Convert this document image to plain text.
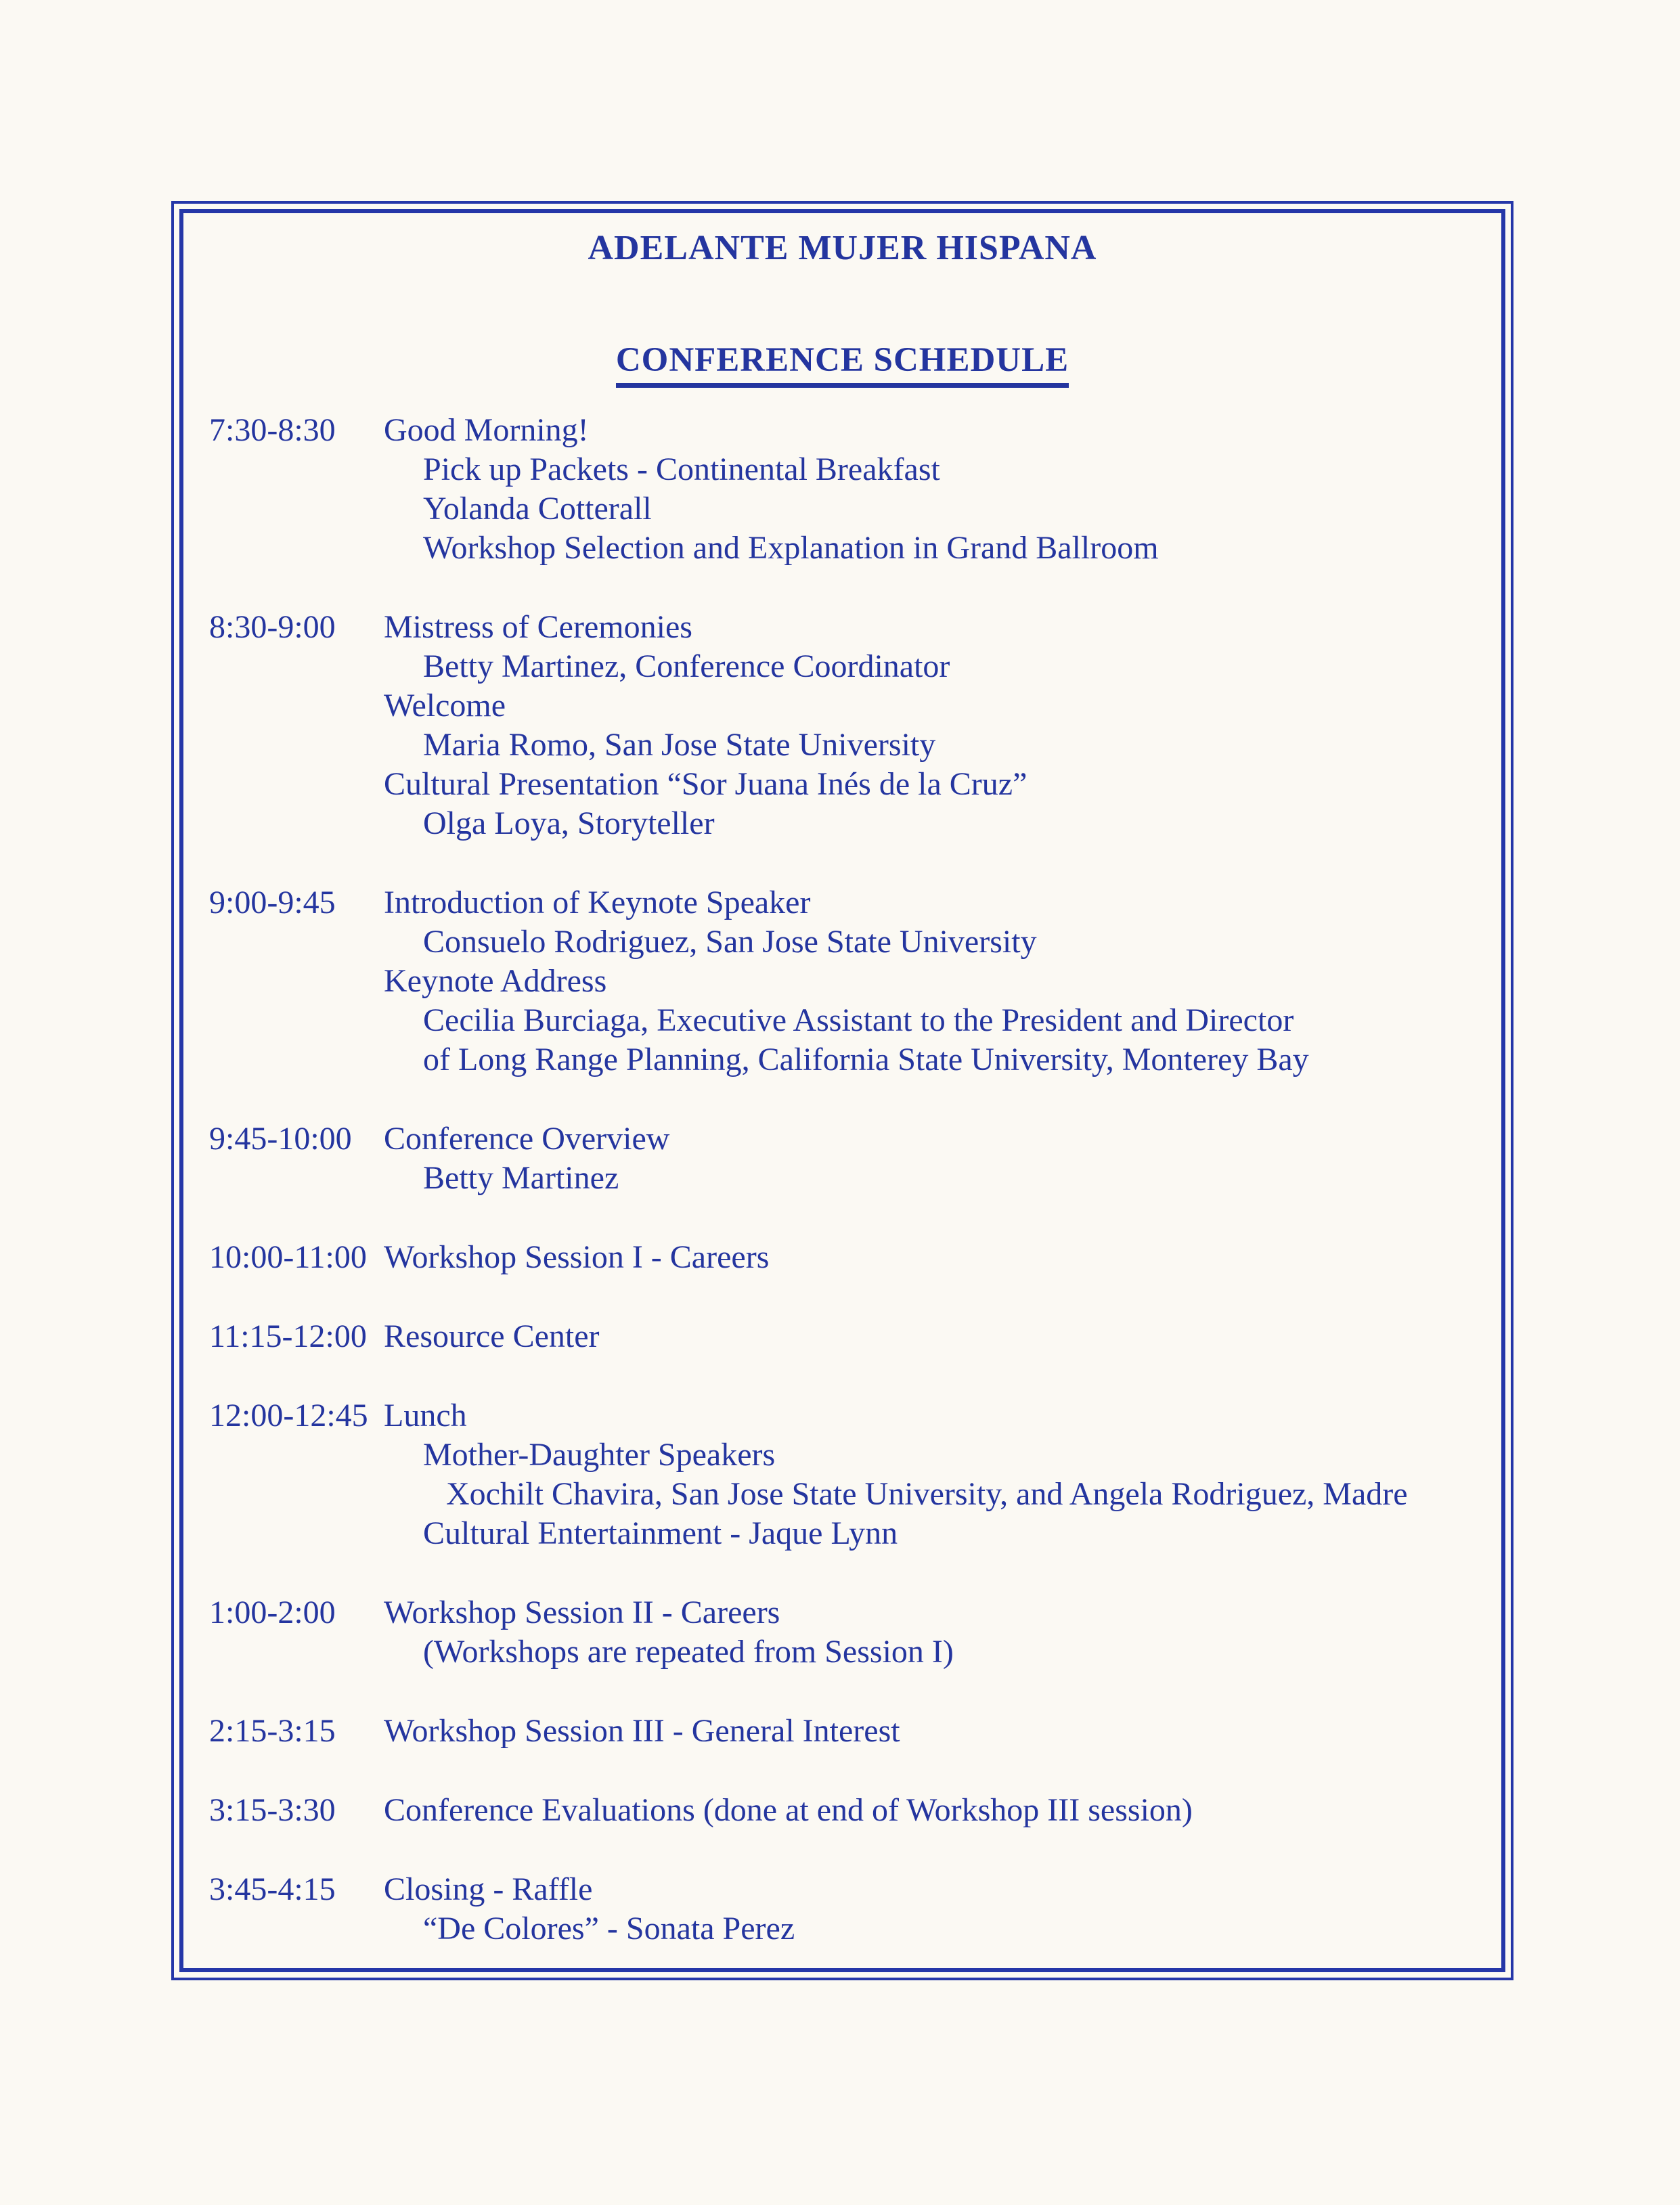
ADELANTE MUJER HISPANA
CONFERENCE SCHEDULE
7:30-8:30	Good Morning!
Pick up Packets - Continental Breakfast
Yolanda Cotterall
Workshop Selection and Explanation in Grand Ballroom
8:30-9:00	Mistress of Ceremonies
Betty Martinez, Conference Coordinator
Welcome
Maria Romo, San Jose State University
Cultural Presentation “Sor Juana Inés de la Cruz”
Olga Loya, Storyteller
9:00-9:45	Introduction of Keynote Speaker
Consuelo Rodriguez, San Jose State University
Keynote Address
Cecilia Burciaga, Executive Assistant to the President and Director
of Long Range Planning, California State University, Monterey Bay
9:45-10:00 Conference Overview
Betty Martinez
10:00-11:00 Workshop Session I - Careers
11:15-12:00 Resource Center
12:00-12:45 Lunch
Mother-Daughter Speakers
Xochilt Chavira, San Jose State University, and Angela Rodriguez, Madre
Cultural Entertainment - Jaque Lynn
1:00-2:00	Workshop Session II - Careers
(Workshops are repeated from Session I)
2:15-3:15	Workshop Session III - General Interest
3:15-3:30	Conference Evaluations (done at end of Workshop III session)
3:45-4:15	Closing - Raffle
“De Colores” - Sonata Perez
